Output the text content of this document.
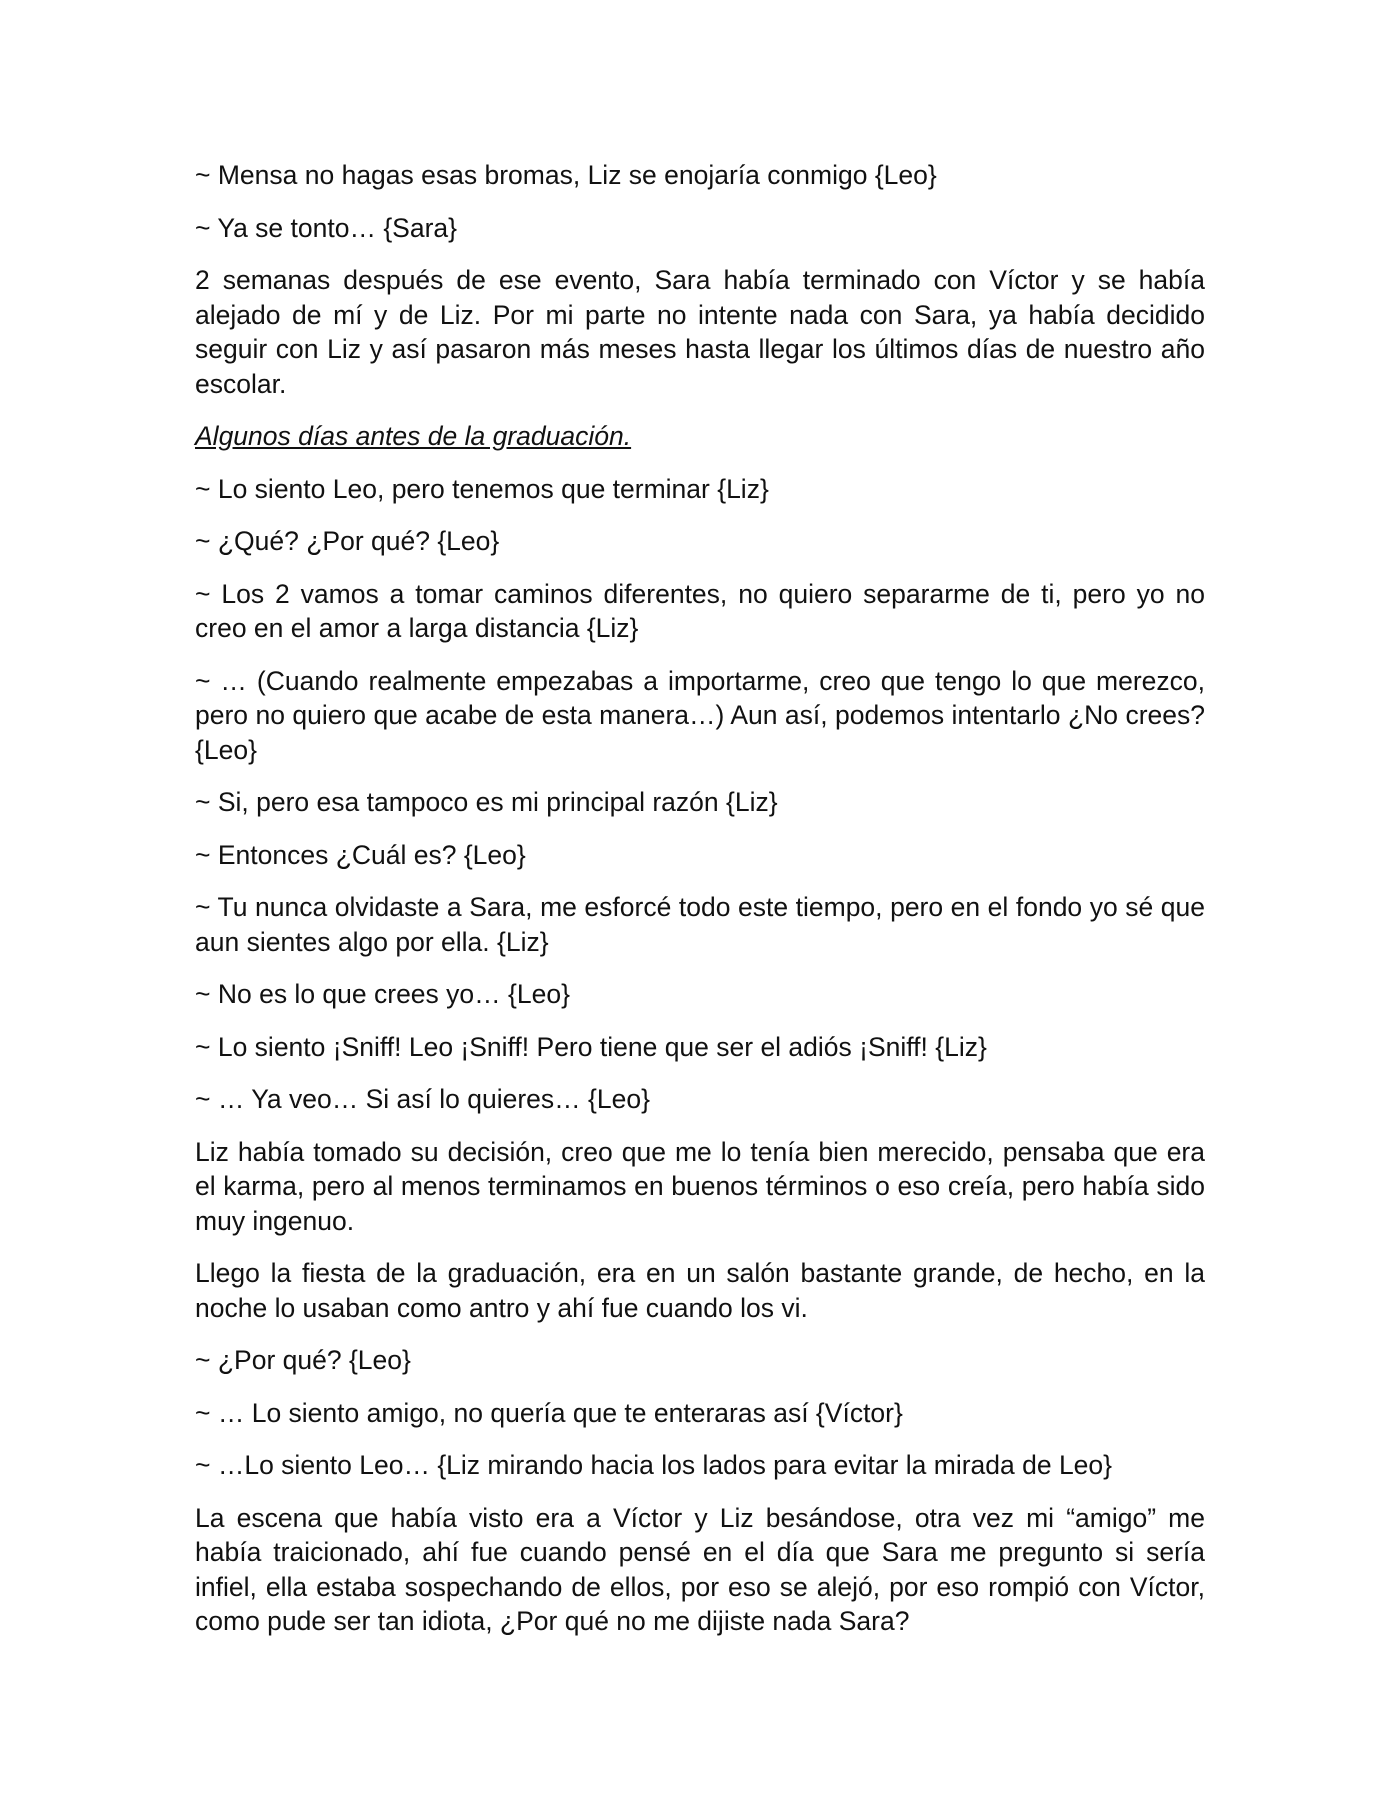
~ Mensa no hagas esas bromas, Liz se enojaría conmigo {Leo}

~ Ya se tonto… {Sara}

2 semanas después de ese evento, Sara había terminado con Víctor y se había alejado de mí y de Liz. Por mi parte no intente nada con Sara, ya había decidido seguir con Liz y así pasaron más meses hasta llegar los últimos días de nuestro año escolar.

Algunos días antes de la graduación.

~ Lo siento Leo, pero tenemos que terminar {Liz}

~ ¿Qué? ¿Por qué? {Leo}

~ Los 2 vamos a tomar caminos diferentes, no quiero separarme de ti, pero yo no creo en el amor a larga distancia {Liz}

~ … (Cuando realmente empezabas a importarme, creo que tengo lo que merezco, pero no quiero que acabe de esta manera…) Aun así, podemos intentarlo ¿No crees? {Leo}

~ Si, pero esa tampoco es mi principal razón {Liz}

~ Entonces ¿Cuál es? {Leo}

~ Tu nunca olvidaste a Sara, me esforcé todo este tiempo, pero en el fondo yo sé que aun sientes algo por ella. {Liz}

~ No es lo que crees yo… {Leo}

~ Lo siento ¡Sniff! Leo ¡Sniff! Pero tiene que ser el adiós ¡Sniff! {Liz}

~ … Ya veo… Si así lo quieres… {Leo}

Liz había tomado su decisión, creo que me lo tenía bien merecido, pensaba que era el karma, pero al menos terminamos en buenos términos o eso creía, pero había sido muy ingenuo.

Llego la fiesta de la graduación, era en un salón bastante grande, de hecho, en la noche lo usaban como antro y ahí fue cuando los vi.

~ ¿Por qué? {Leo}

~ … Lo siento amigo, no quería que te enteraras así {Víctor}

~ …Lo siento Leo… {Liz mirando hacia los lados para evitar la mirada de Leo}

La escena que había visto era a Víctor y Liz besándose, otra vez mi “amigo” me había traicionado, ahí fue cuando pensé en el día que Sara me pregunto si sería infiel, ella estaba sospechando de ellos, por eso se alejó, por eso rompió con Víctor, como pude ser tan idiota, ¿Por qué no me dijiste nada Sara?
